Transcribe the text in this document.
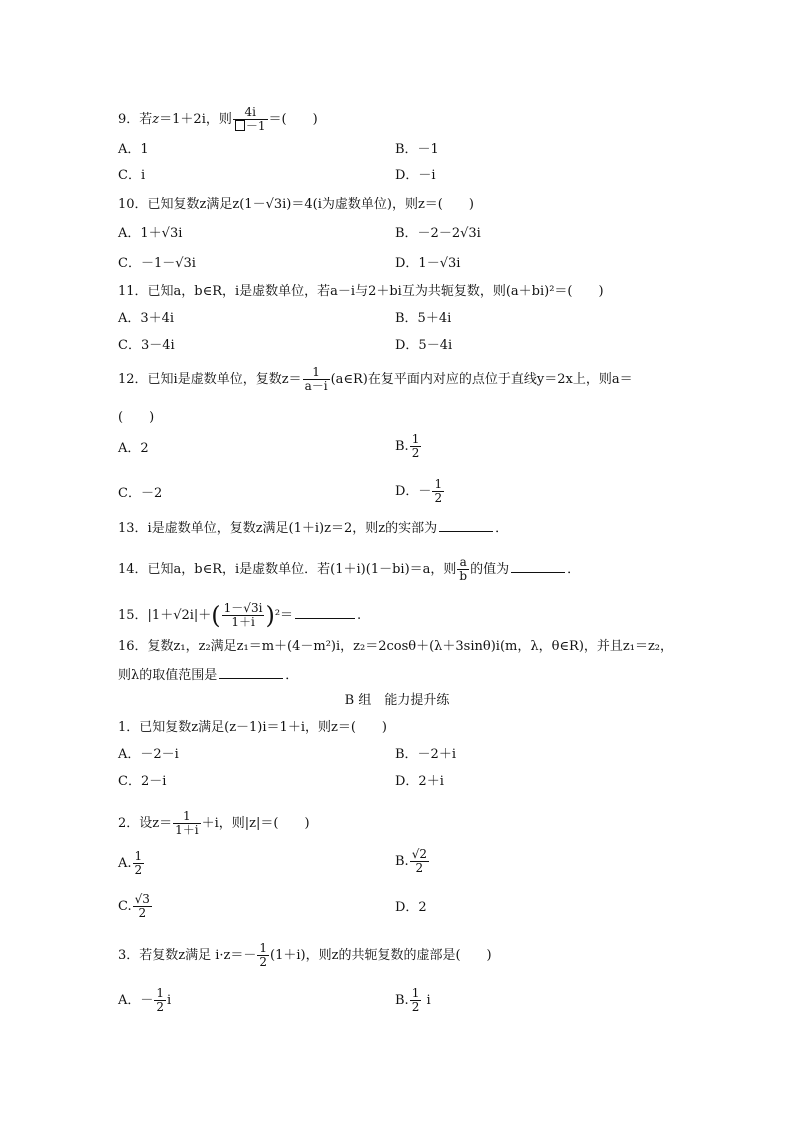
9．若z＝1＋2i，则 $\frac{4i}{-1}$ ＝(　　)
A．1	B．－1
C．i	D．－i
10．已知复数z满足z(1－√3i)＝4(i为虚数单位)，则z＝(　　)
A．1＋√3i	B．－2－2√3i
C．－1－√3i	D．1－√3i
11．已知a，b∈R，i是虚数单位，若a－i与2＋bi互为共轭复数，则(a＋bi)²＝(　　)
A．3＋4i	B．5＋4i
C．3－4i	D．5－4i
12．已知i是虚数单位，复数$z= \frac{1}{a-i}$ (a∈R)在复平面内对应的点位于直线y＝2x上，则a＝
(　　)
A．2	B. $\frac{1}{2}$
C．－2	D．－ $\frac{1}{2}$
13．i是虚数单位，复数z满足(1＋i)z＝2，则z的实部为	．
14．已知a，b∈R，i是虚数单位．若(1＋i)(1－bi)＝a，则 $\frac{a}{b}$ 的值为	．
15．$|1+√2i|+( \frac{1-√3i}{1+i} )^2=$	.
16．复数z₁，z₂满足z₁＝m＋(4－m²)i，z₂＝2cosθ＋(λ＋3sinθ)i(m，λ，θ∈R)，并且z₁＝z₂，
则λ的取值范围是	．
B 组　能力提升练
1．已知复数z满足(z－1)i＝1＋i，则z＝(　　)
A．－2－i	B．－2＋i
C．2－i	D．2＋i
2．设$z= \frac{1}{1+i} +i$，则|z|＝(　　)
A. $\frac{1}{2}$	B. $\frac{√2}{2}$
C. $\frac{√3}{2}$	D．2
3．若复数z满足 $i\cdot z=- \frac{1}{2} (1+i)$，则z的共轭复数的虚部是(　　)
A．－ $\frac{1}{2}$ i	B. $\frac{1}{2}$ i
